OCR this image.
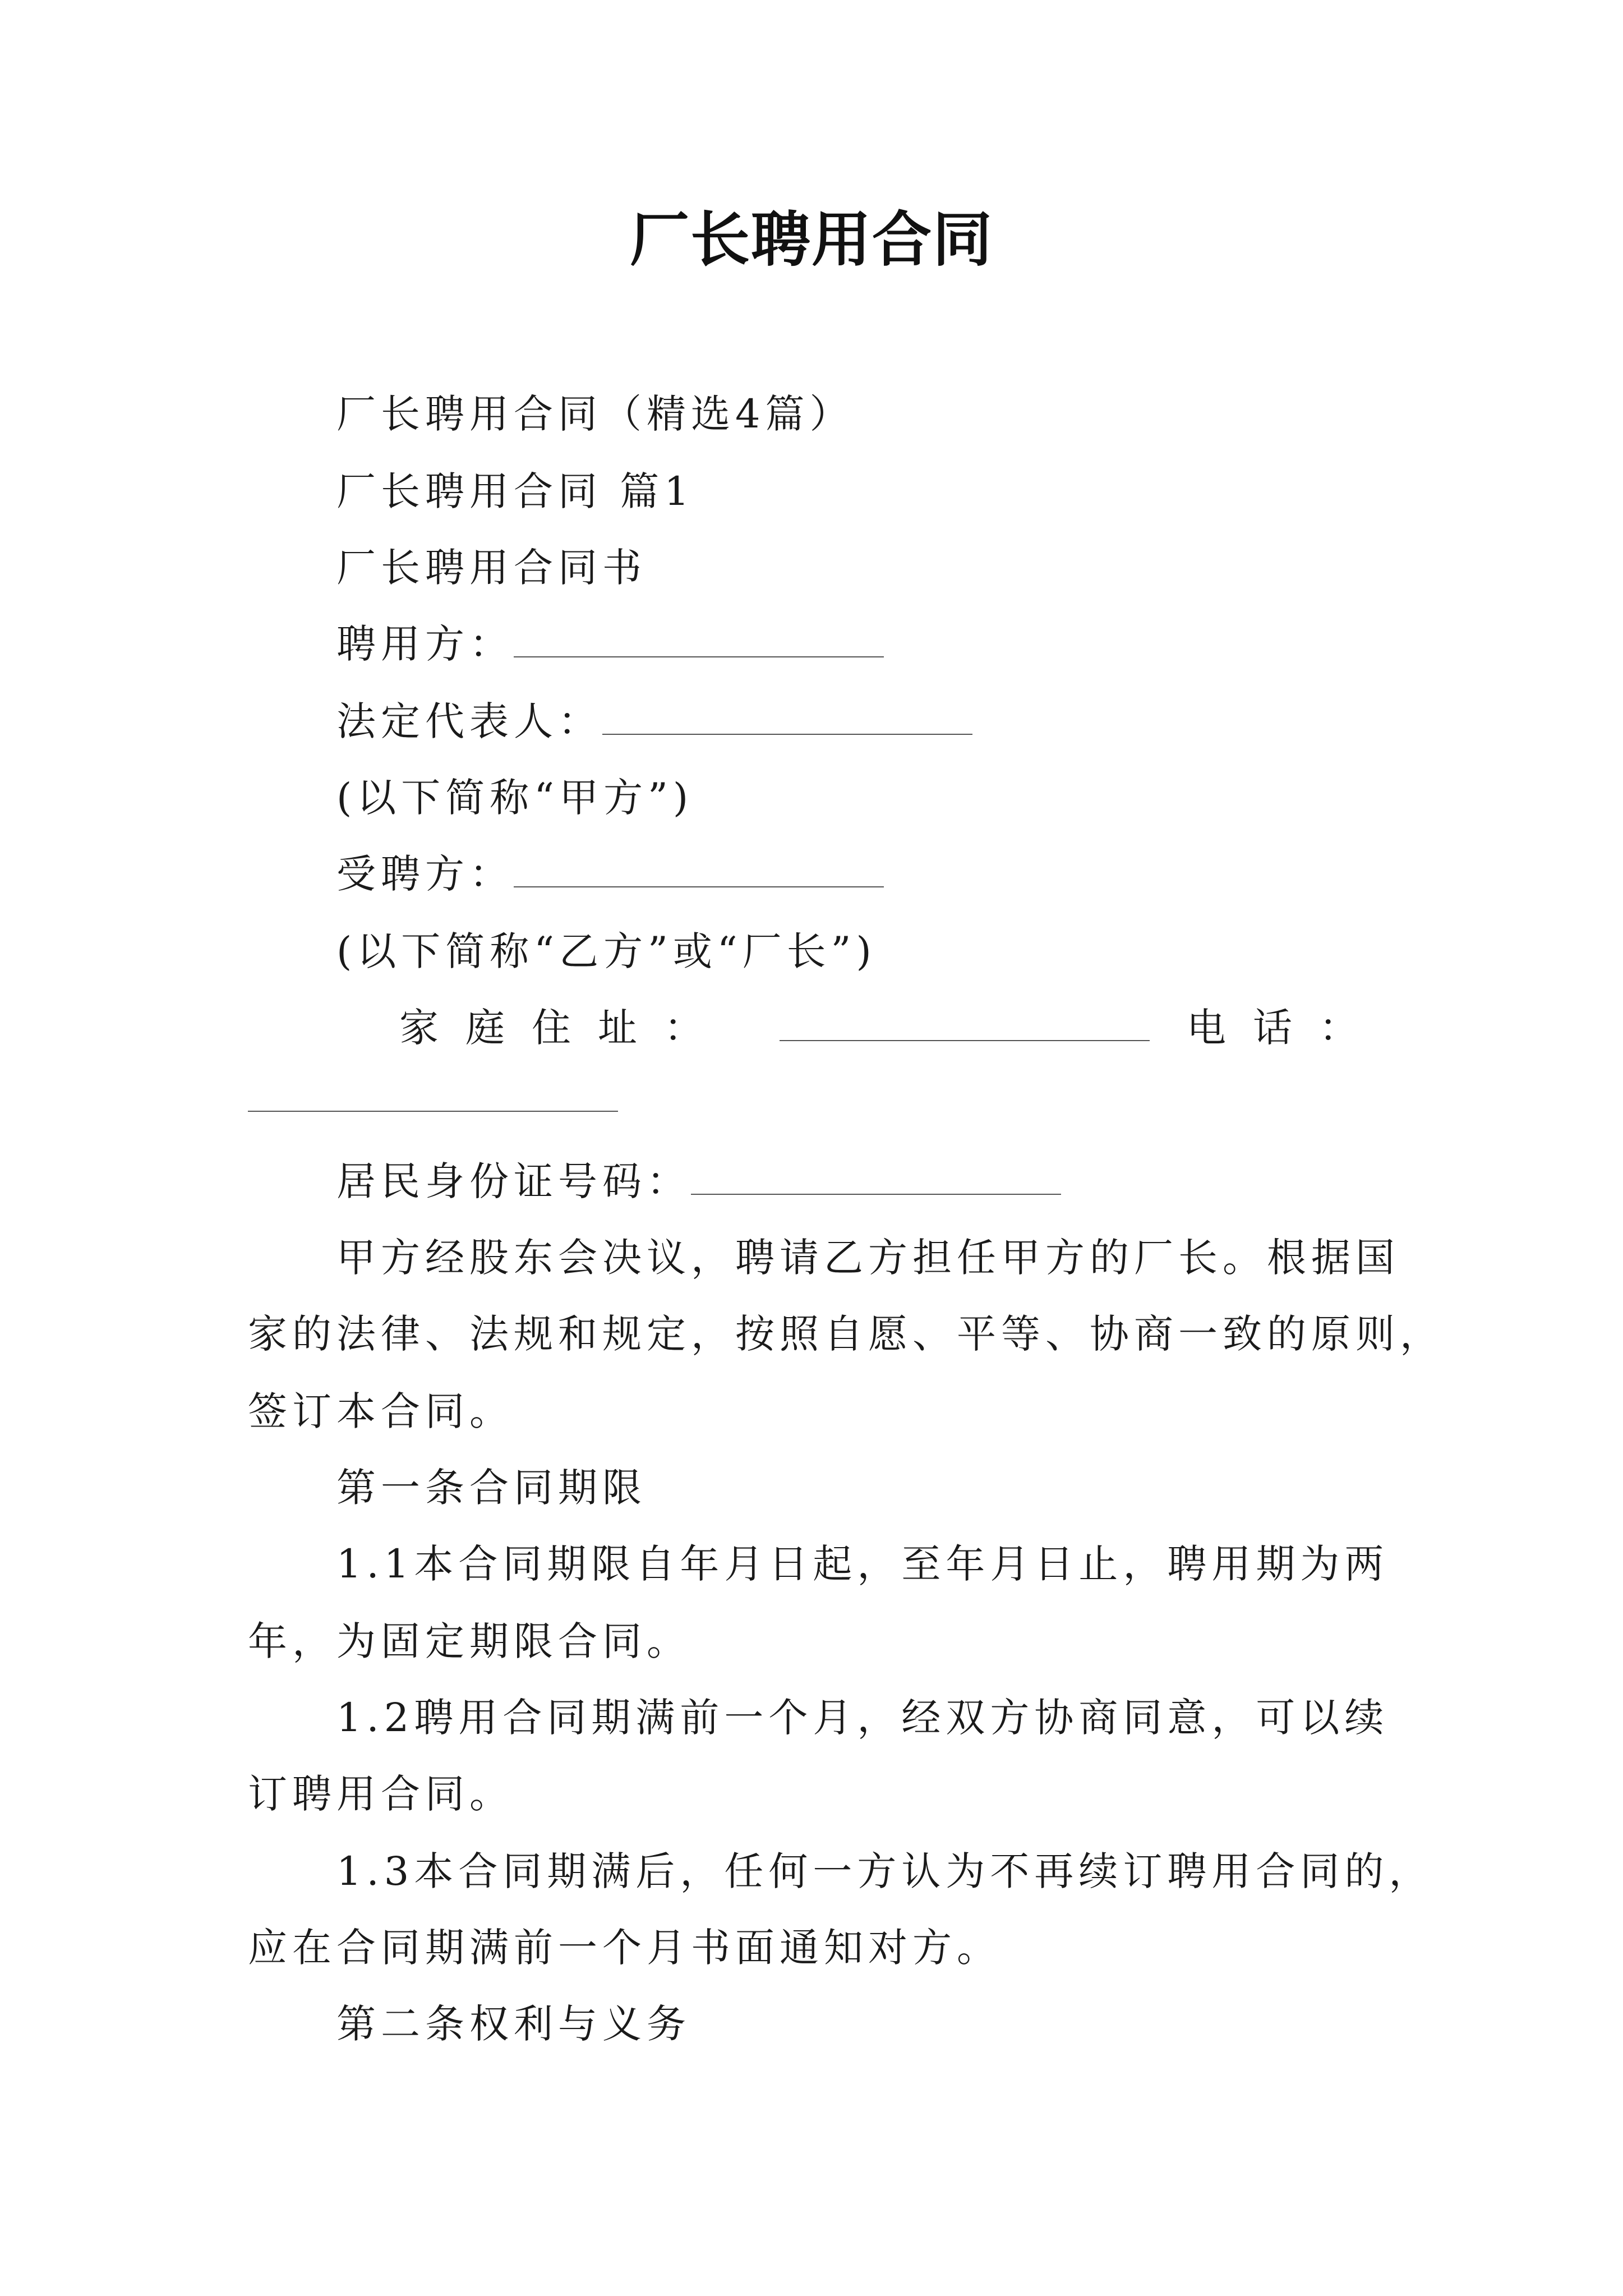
厂长聘用合同
厂长聘用合同（精选4篇）
厂长聘用合同 篇1
厂长聘用合同书
聘用方：
法定代表人：
(以下简称“甲方”)
受聘方：
(以下简称“乙方”或“厂长”)
家庭住址：	电话：
居民身份证号码：
甲方经股东会决议，聘请乙方担任甲方的厂长。根据国
家的法律、法规和规定，按照自愿、平等、协商一致的原则，
签订本合同。
第一条合同期限
1.1本合同期限自年月日起，至年月日止，聘用期为两
年，为固定期限合同。
1.2聘用合同期满前一个月，经双方协商同意，可以续
订聘用合同。
1.3本合同期满后，任何一方认为不再续订聘用合同的，
应在合同期满前一个月书面通知对方。
第二条权利与义务
